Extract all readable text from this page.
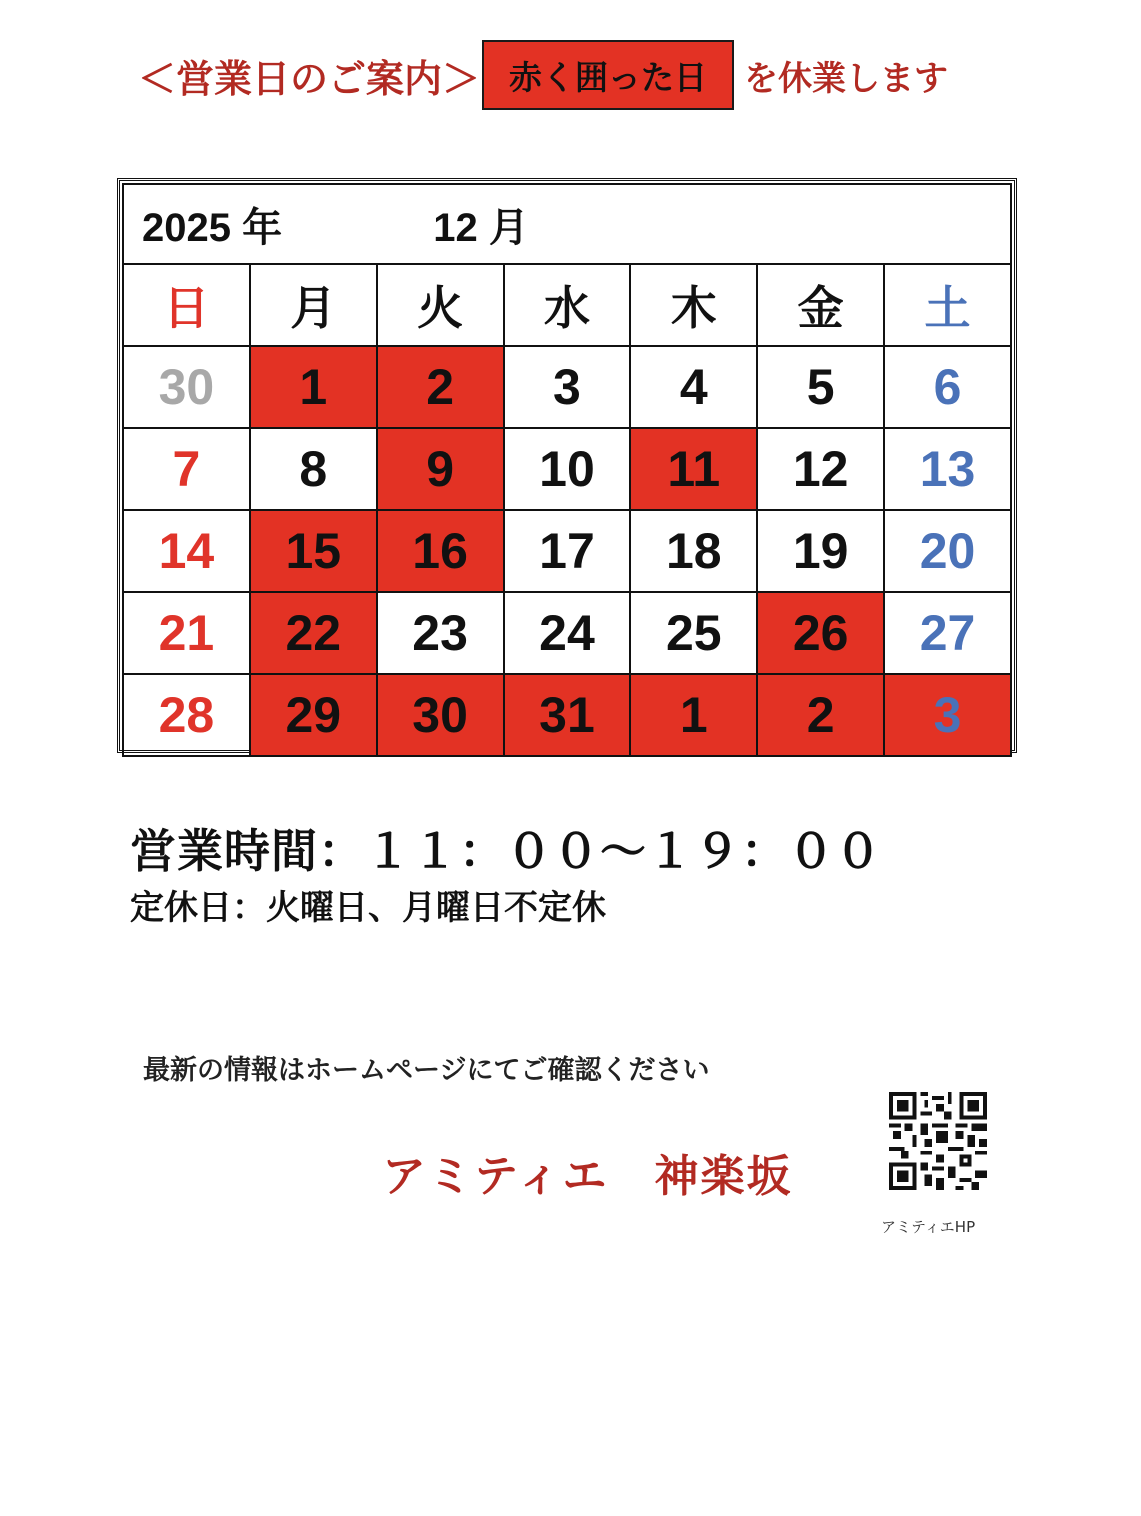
＜営業日のご案内＞ 赤く囲った日	を休業します
2025 年 12 月						
日	月	火	水	木	金	土
30	1	2	3	4	5	6
7	8	9	10	11	12	13
14	15	16	17	18	19	20
21	22	23	24	25	26	27
28	29	30	31	1	2	3
営業時間：１１：００～１９：００
定休日：火曜日、月曜日不定休
最新の情報はホームページにてご確認ください
アミティエ　神楽坂
アミティエHP
